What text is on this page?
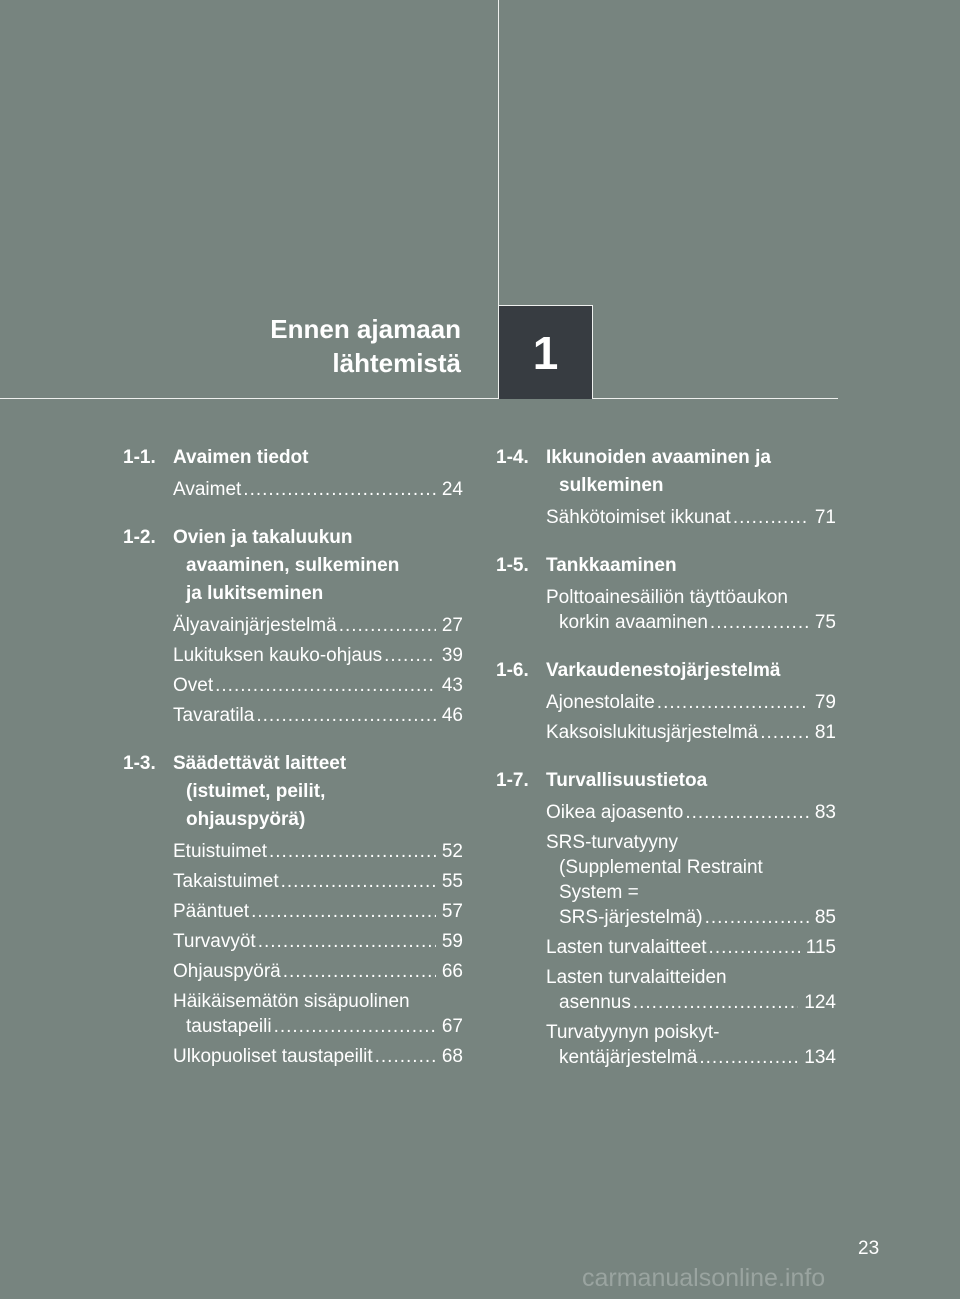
Ennen ajamaan
lähtemistä	1
1-1. Avaimen tiedot
Avaimet .....	24
1-2. Ovien ja takaluukun
avaaminen, sulkeminen
ja lukitseminen
Älyavainjärjestelmä .....	27
Lukituksen kauko-ohjaus .....	39
Ovet .....	43
Tavaratila .....	46
1-3. Säädettävät laitteet
(istuimet, peilit,
ohjauspyörä)
Etuistuimet .....	52
Takaistuimet .....	55
Pääntuet .....	57
Turvavyöt .....	59
Ohjauspyörä .....	66
Häikäisemätön sisäpuolinen
taustapeili .....	67
Ulkopuoliset taustapeilit .....	68
1-4. Ikkunoiden avaaminen ja
sulkeminen
Sähkötoimiset ikkunat .....	71
1-5. Tankkaaminen
Polttoainesäiliön täyttöaukon
korkin avaaminen .....	75
1-6. Varkaudenestojärjestelmä
Ajonestolaite .....	79
Kaksoislukitusjärjestelmä .....	81
1-7. Turvallisuustietoa
Oikea ajoasento .....	83
SRS-turvatyyny
(Supplemental Restraint
System =
SRS-järjestelmä) .....	85
Lasten turvalaitteet .....	115
Lasten turvalaitteiden
asennus .....	124
Turvatyynyn poiskyt-
kentäjärjestelmä .....	134
23
carmanualsonline.info
